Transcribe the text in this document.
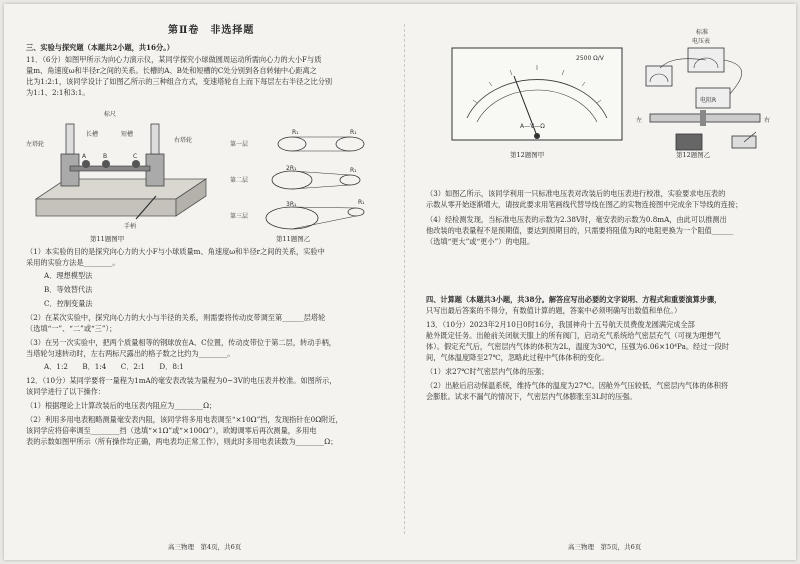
第Ⅱ卷　非选择题

三、实验与探究题（本题共2小题，共16分。）

11．（6分）如图甲所示为向心力演示仪，某同学探究小球做圆周运动所需向心力的大小F与质

量m、角速度ω和半径r之间的关系。长槽的A、B处和短槽的C处分别到各自转轴中心距离之

比为1:2:1，该同学设计了如图乙所示的三种组合方式，变速塔轮自上而下每层左右半径之比分别

为1:1、2:1和3:1。

标尺
长槽	短槽
右塔轮
左塔轮
A	B	C
手柄
第11题图甲
第一层
第二层
第三层
R₁	R₁
2R₁	R₁
3R₁	R₁
第11题图乙

（1）本实验的目的是探究向心力的大小F与小球质量m、角速度ω和半径r之间的关系，实验中

采用的实验方法是________。

A．理想模型法

B．等效替代法

C．控制变量法

（2）在某次实验中，探究向心力的大小与半径的关系，则需要将传动皮带调至第______层塔轮

（选填“一”、“二”或“三”）；

（3）在另一次实验中，把两个质量相等的钢球放在A、C位置，传动皮带位于第二层，转动手柄，

当塔轮匀速转动时，左右两标尺露出的格子数之比约为________。

A．1:2　　B．1:4　　C．2:1　　D．8:1

12．（10分）某同学要将一量程为1mA的毫安表改装为量程为0~3V的电压表并校准。如图所示，

该同学进行了以下操作：

（1）根据理论上计算改装后的电压表内阻应为________Ω；

（2）利用多用电表粗略测量毫安表内阻，该同学将多用电表调至“×10Ω”挡，发现指针在0Ω附近，

该同学应将倍率调至________挡（选填“×1Ω”或“×100Ω”），欧姆调零后再次测量，多用电

表的示数如图甲所示（所有操作均正确，两电表均正常工作），则此时多用电表读数为________Ω；

高三物理　第4页，共6页
2500 Ω/V
A—V—Ω
第12题图甲
标准
电压表
电阻R
左	右
第12题图乙

（3）如图乙所示，该同学利用一只标准电压表对改装后的电压表进行校准，实验要求电压表的

示数从零开始逐渐增大，请按此要求用笔画线代替导线在图乙的实物连接图中完成余下导线的连接；

（4）经检测发现，当标准电压表的示数为2.38V时，毫安表的示数为0.8mA，由此可以推测出

他改装的电表量程不是预期值，要达到预期目的，只需要将阻值为R的电阻更换为一个阻值______

（选填“更大”或“更小”）的电阻。

四、计算题（本题共3小题，共38分。解答应写出必要的文字说明、方程式和重要演算步骤，

只写出最后答案的不得分，有数值计算的题，答案中必须明确写出数值和单位。）

13．（10分）2023年2月10日0时16分，我国神舟十五号航天员费俊龙圆满完成全部

舱外既定任务。出舱前关闭航天服上的所有阀门，启动充气系统给气密层充气（可视为理想气

体）。假定充气后，气密层内气体的体积为2L，温度为30℃，压强为6.06×10⁴Pa。经过一段时

间，气体温度降至27℃，忽略此过程中气体体积的变化。

（1）求27℃时气密层内气体的压强；

（2）出舱后启动保温系统，维持气体的温度为27℃。因舱外气压较低，气密层内气体的体积将

会膨胀。试求不漏气的情况下，气密层内气体膨胀至3L时的压强。

高三物理　第5页，共6页
